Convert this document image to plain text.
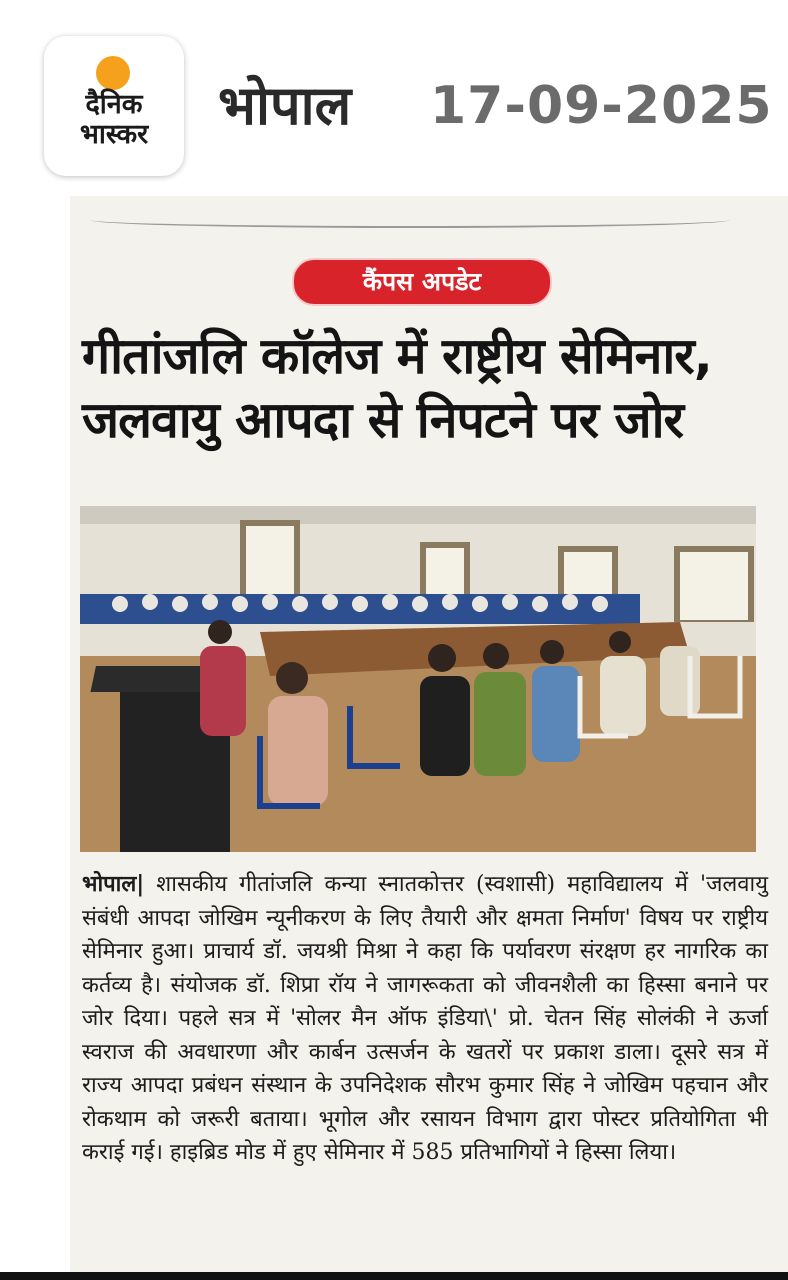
दैनिक
भास्कर	भोपाल 17-09-2025
कैंपस अपडेट
गीतांजलि कॉलेज में राष्ट्रीय सेमिनार,
जलवायु आपदा से निपटने पर जोर
भोपाल| शासकीय गीतांजलि कन्या स्नातकोत्तर (स्वशासी) महाविद्यालय में 'जलवायु संबंधी आपदा जोखिम न्यूनीकरण के लिए तैयारी और क्षमता निर्माण' विषय पर राष्ट्रीय सेमिनार हुआ। प्राचार्य डॉ. जयश्री मिश्रा ने कहा कि पर्यावरण संरक्षण हर नागरिक का कर्तव्य है। संयोजक डॉ. शिप्रा रॉय ने जागरूकता को जीवनशैली का हिस्सा बनाने पर जोर दिया। पहले सत्र में 'सोलर मैन ऑफ इंडिया\' प्रो. चेतन सिंह सोलंकी ने ऊर्जा स्वराज की अवधारणा और कार्बन उत्सर्जन के खतरों पर प्रकाश डाला। दूसरे सत्र में राज्य आपदा प्रबंधन संस्थान के उपनिदेशक सौरभ कुमार सिंह ने जोखिम पहचान और रोकथाम को जरूरी बताया। भूगोल और रसायन विभाग द्वारा पोस्टर प्रतियोगिता भी कराई गई। हाइब्रिड मोड में हुए सेमिनार में 585 प्रतिभागियों ने हिस्सा लिया।
